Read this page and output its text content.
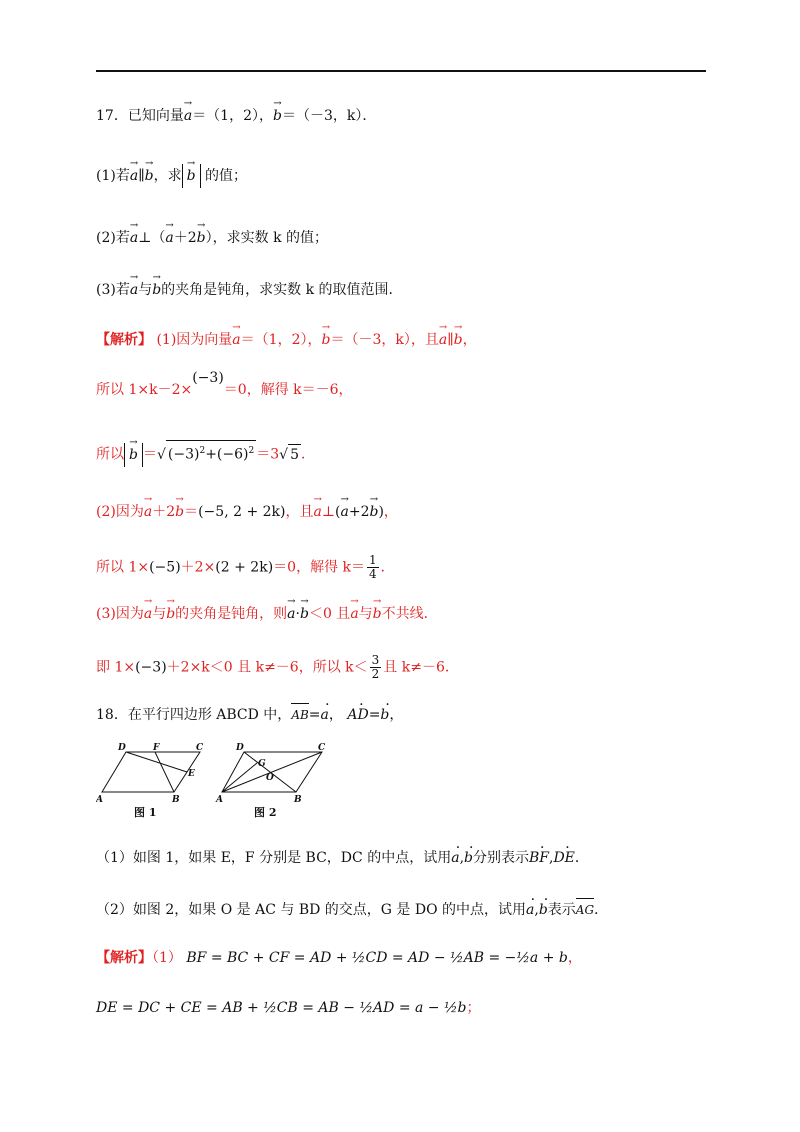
17．已知向量→ a＝（1，2），→ b＝（－3，k）．
(1)若→ a∥→ b，求 → b 的值；
(2)若→ a⊥（→ a＋2→ b），求实数 k 的值；
(3)若→ a与→ b的夹角是钝角，求实数 k 的取值范围．
【解析】 (1)因为向量→ a＝（1，2），→ b＝（－3，k），且→ a∥→ b，
所以 1×k－2×(−3)＝0，解得 k＝－6，
所以 → b ＝√ $(-3)^2+(-6)^2 =3√$ 5 ．
(2)因为→ a＋2→ b＝(−5, 2 + 2k)，且→ a⊥(→ a+2→ b)，
所以 1×(−5)＋2×(2 + 2k)＝0，解得 $k= \frac{1}{4}$ ．
(3)因为→ a与→ b的夹角是钝角，则→ a·→ b＜0 且→ a与→ b不共线．
即 1×(−3)＋2×k＜0 且 k≠－6，所以 $k< \frac{3}{2}$ 且 k≠－6．
18．在平行四边形 ABCD 中，AB=· a， · AD=· b，
A	B
C
D	F
E
A	B
C
D
G
O
图 1	图 2
（1）如图 1，如果 E，F 分别是 BC，DC 的中点，试用· a,· b分别表示· BF,· DE．
（2）如图 2，如果 O 是 AC 与 BD 的交点，G 是 DO 的中点，试用· a,· b表示AG．
【解析】（1） BF = BC + CF = AD + ½CD = AD − ½AB = −½a + b，
DE = DC + CE = AB + ½CB = AB − ½AD = a − ½b；
